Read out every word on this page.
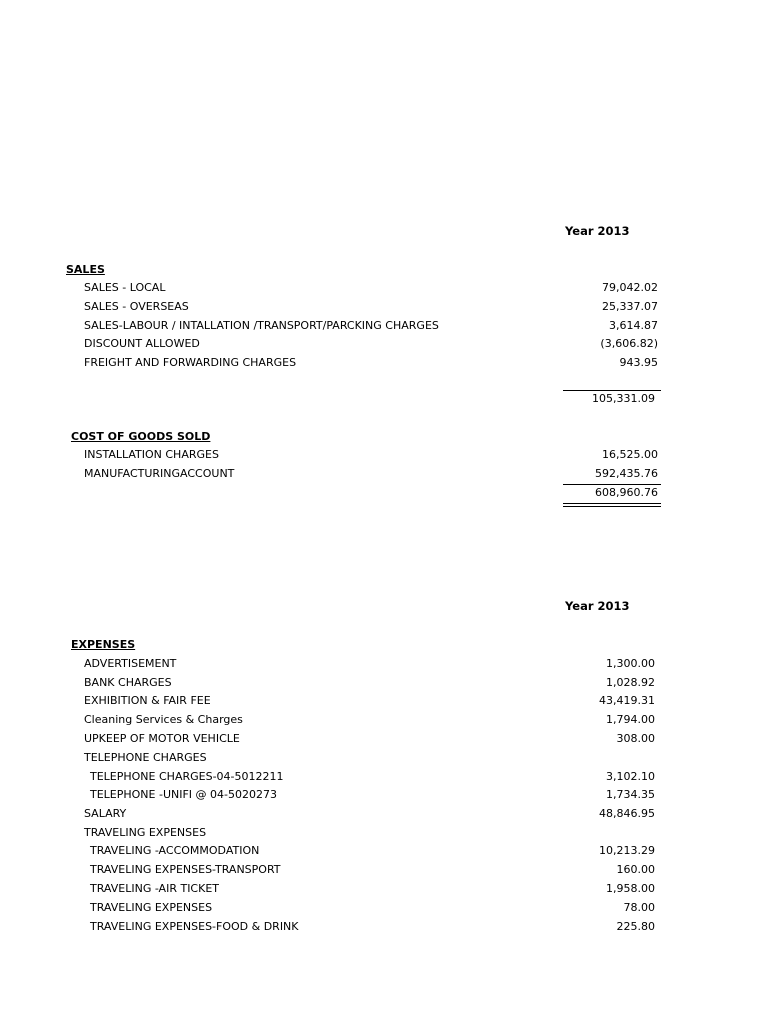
Year 2013
SALES
SALES - LOCAL	79,042.02
SALES - OVERSEAS	25,337.07
SALES-LABOUR / INTALLATION /TRANSPORT/PARCKING CHARGES	3,614.87
DISCOUNT ALLOWED	(3,606.82)
FREIGHT AND FORWARDING CHARGES	943.95
105,331.09
COST OF GOODS SOLD
INSTALLATION CHARGES	16,525.00
MANUFACTURINGACCOUNT	592,435.76
608,960.76
Year 2013
EXPENSES
ADVERTISEMENT	1,300.00
BANK CHARGES	1,028.92
EXHIBITION & FAIR FEE	43,419.31
Cleaning Services & Charges	1,794.00
UPKEEP OF MOTOR VEHICLE	308.00
TELEPHONE CHARGES
TELEPHONE CHARGES-04-5012211	3,102.10
TELEPHONE -UNIFI @ 04-5020273	1,734.35
SALARY	48,846.95
TRAVELING EXPENSES
TRAVELING -ACCOMMODATION	10,213.29
TRAVELING EXPENSES-TRANSPORT	160.00
TRAVELING -AIR TICKET	1,958.00
TRAVELING EXPENSES	78.00
TRAVELING EXPENSES-FOOD & DRINK	225.80
